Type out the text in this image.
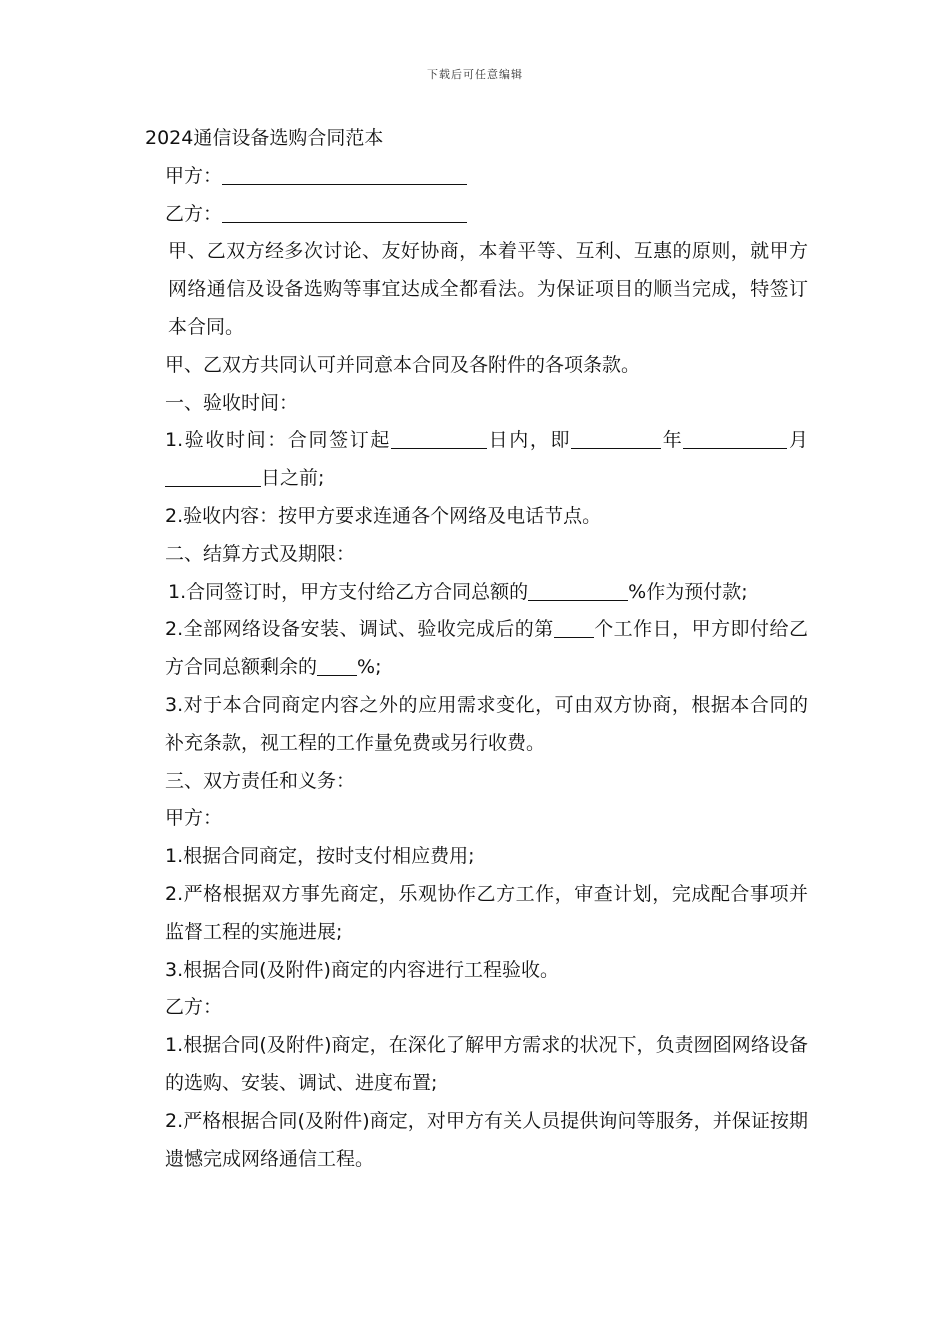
下载后可任意编辑

2024通信设备选购合同范本

甲方：

乙方：

甲、乙双方经多次讨论、友好协商，本着平等、互利、互惠的原则，就甲方网络通信及设备选购等事宜达成全都看法。为保证项目的顺当完成，特签订本合同。

甲、乙双方共同认可并同意本合同及各附件的各项条款。

一、验收时间：

1.验收时间：合同签订起	日内，即	年	月日之前;

2.验收内容：按甲方要求连通各个网络及电话节点。

二、结算方式及期限：

1.合同签订时，甲方支付给乙方合同总额的	%作为预付款;

2.全部网络设备安装、调试、验收完成后的第 个工作日，甲方即付给乙方合同总额剩余的 %;

3.对于本合同商定内容之外的应用需求变化，可由双方协商，根据本合同的补充条款，视工程的工作量免费或另行收费。

三、双方责任和义务：

甲方：

1.根据合同商定，按时支付相应费用;

2.严格根据双方事先商定，乐观协作乙方工作，审查计划，完成配合事项并监督工程的实施进展;

3.根据合同(及附件)商定的内容进行工程验收。

乙方：

1.根据合同(及附件)商定，在深化了解甲方需求的状况下，负责囫囵网络设备的选购、安装、调试、进度布置;

2.严格根据合同(及附件)商定，对甲方有关人员提供询问等服务，并保证按期遗憾完成网络通信工程。
